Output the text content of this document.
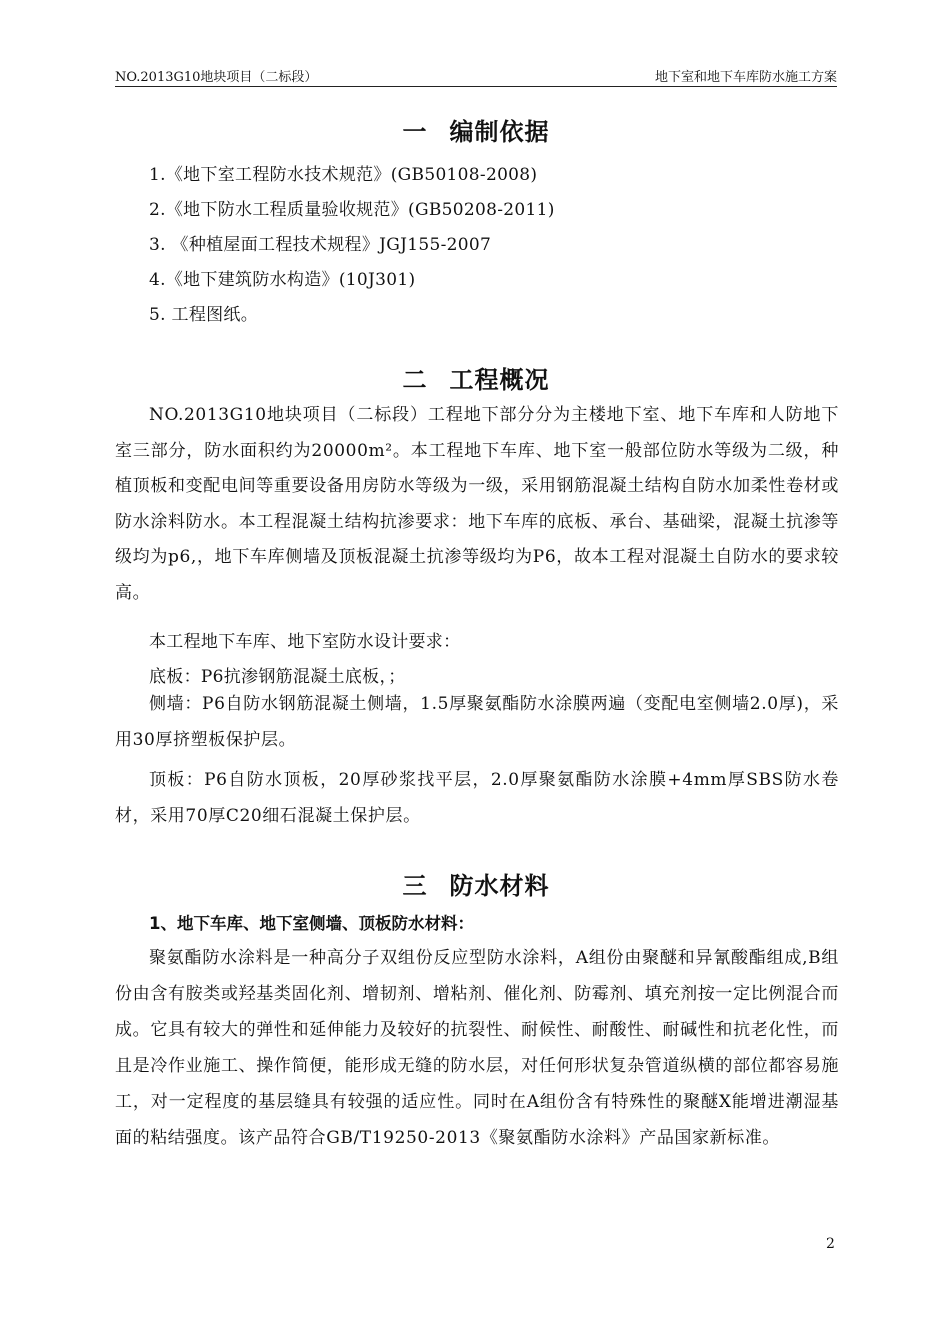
NO.2013G10地块项目（二标段）	地下室和地下车库防水施工方案
一 编制依据
1.《地下室工程防水技术规范》(GB50108-2008)
2.《地下防水工程质量验收规范》(GB50208-2011)
3. 《种植屋面工程技术规程》JGJ155-2007
4.《地下建筑防水构造》(10J301)
5. 工程图纸。
二 工程概况
NO.2013G10地块项目（二标段）工程地下部分分为主楼地下室、地下车库和人防地下室三部分，防水面积约为20000m²。本工程地下车库、地下室一般部位防水等级为二级，种植顶板和变配电间等重要设备用房防水等级为一级，采用钢筋混凝土结构自防水加柔性卷材或防水涂料防水。本工程混凝土结构抗渗要求：地下车库的底板、承台、基础梁，混凝土抗渗等级均为p6,，地下车库侧墙及顶板混凝土抗渗等级均为P6，故本工程对混凝土自防水的要求较高。
本工程地下车库、地下室防水设计要求：
底板：P6抗渗钢筋混凝土底板，；
侧墙：P6自防水钢筋混凝土侧墙，1.5厚聚氨酯防水涂膜两遍（变配电室侧墙2.0厚)，采用30厚挤塑板保护层。
顶板：P6自防水顶板，20厚砂浆找平层，2.0厚聚氨酯防水涂膜+4mm厚SBS防水卷材，采用70厚C20细石混凝土保护层。
三 防水材料
1、地下车库、地下室侧墙、顶板防水材料：
聚氨酯防水涂料是一种高分子双组份反应型防水涂料，A组份由聚醚和异氰酸酯组成,B组份由含有胺类或羟基类固化剂、增韧剂、增粘剂、催化剂、防霉剂、填充剂按一定比例混合而成。它具有较大的弹性和延伸能力及较好的抗裂性、耐候性、耐酸性、耐碱性和抗老化性，而且是冷作业施工、操作简便，能形成无缝的防水层，对任何形状复杂管道纵横的部位都容易施工，对一定程度的基层缝具有较强的适应性。同时在A组份含有特殊性的聚醚X能增进潮湿基面的粘结强度。该产品符合GB/T19250-2013《聚氨酯防水涂料》产品国家新标准。
2
